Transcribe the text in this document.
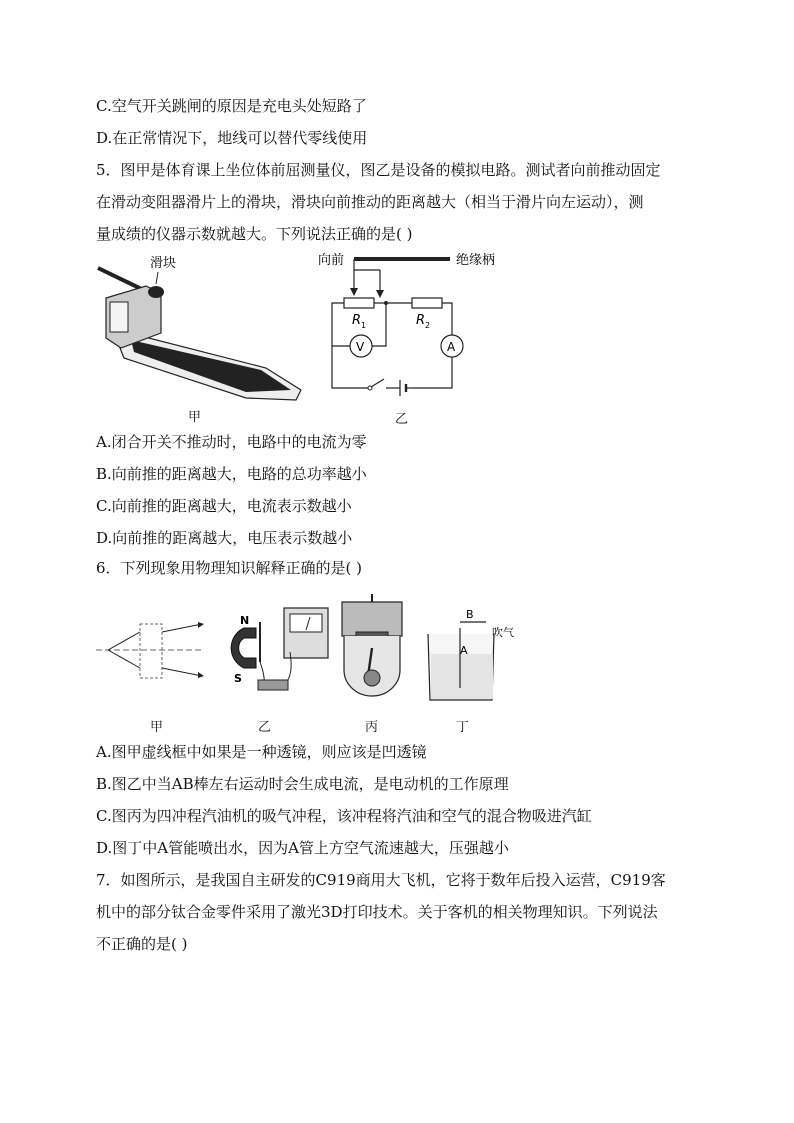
C.空气开关跳闸的原因是充电头处短路了
D.在正常情况下，地线可以替代零线使用
5．图甲是体育课上坐位体前屈测量仪，图乙是设备的模拟电路。测试者向前推动固定
在滑动变阻器滑片上的滑块，滑块向前推动的距离越大（相当于滑片向左运动），测
量成绩的仪器示数就越大。下列说法正确的是( )
滑块
甲
向前	绝缘柄
R 1	R 2
V	A
乙
A.闭合开关不推动时，电路中的电流为零
B.向前推的距离越大，电路的总功率越小
C.向前推的距离越大，电流表示数越小
D.向前推的距离越大，电压表示数越小
6．下列现象用物理知识解释正确的是( )
N
S
A
B
吹气
甲	乙	丙	丁
A.图甲虚线框中如果是一种透镜，则应该是凹透镜
B.图乙中当AB棒左右运动时会生成电流，是电动机的工作原理
C.图丙为四冲程汽油机的吸气冲程，该冲程将汽油和空气的混合物吸进汽缸
D.图丁中A管能喷出水，因为A管上方空气流速越大，压强越小
7．如图所示，是我国自主研发的C919商用大飞机，它将于数年后投入运营，C919客
机中的部分钛合金零件采用了激光3D打印技术。关于客机的相关物理知识。下列说法
不正确的是( )
